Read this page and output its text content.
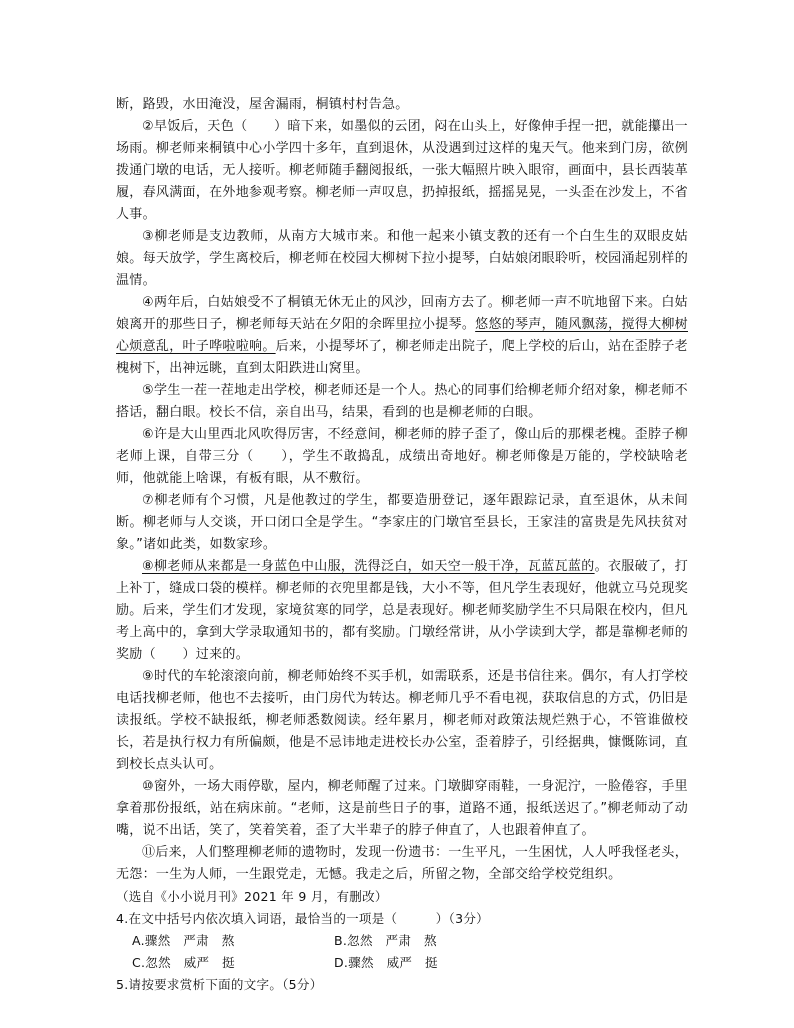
断，路毁，水田淹没，屋舍漏雨，桐镇村村告急。

②早饭后，天色（　　）暗下来，如墨似的云团，闷在山头上，好像伸手捏一把，就能攥出一场雨。柳老师来桐镇中心小学四十多年，直到退休，从没遇到过这样的鬼天气。他来到门房，欲例拨通门墩的电话，无人接听。柳老师随手翻阅报纸，一张大幅照片映入眼帘，画面中，县长西装革履，春风满面，在外地参观考察。柳老师一声叹息，扔掉报纸，摇摇晃晃，一头歪在沙发上，不省人事。

③柳老师是支边教师，从南方大城市来。和他一起来小镇支教的还有一个白生生的双眼皮姑娘。每天放学，学生离校后，柳老师在校园大柳树下拉小提琴，白姑娘闭眼聆听，校园涌起别样的温情。

④两年后，白姑娘受不了桐镇无休无止的风沙，回南方去了。柳老师一声不吭地留下来。白姑娘离开的那些日子，柳老师每天站在夕阳的余晖里拉小提琴。悠悠的琴声，随风飘荡，搅得大柳树心烦意乱，叶子哗啦啦响。后来，小提琴坏了，柳老师走出院子，爬上学校的后山，站在歪脖子老槐树下，出神远眺，直到太阳跌进山窝里。

⑤学生一茬一茬地走出学校，柳老师还是一个人。热心的同事们给柳老师介绍对象，柳老师不搭话，翻白眼。校长不信，亲自出马，结果，看到的也是柳老师的白眼。

⑥许是大山里西北风吹得厉害，不经意间，柳老师的脖子歪了，像山后的那棵老槐。歪脖子柳老师上课，自带三分（　　），学生不敢捣乱，成绩出奇地好。柳老师像是万能的，学校缺啥老师，他就能上啥课，有板有眼，从不敷衍。

⑦柳老师有个习惯，凡是他教过的学生，都要造册登记，逐年跟踪记录，直至退休，从未间断。柳老师与人交谈，开口闭口全是学生。“李家庄的门墩官至县长，王家洼的富贵是先风扶贫对象。”诸如此类，如数家珍。

⑧柳老师从来都是一身蓝色中山服，洗得泛白，如天空一般干净，瓦蓝瓦蓝的。衣服破了，打上补丁，缝成口袋的模样。柳老师的衣兜里都是钱，大小不等，但凡学生表现好，他就立马兑现奖励。后来，学生们才发现，家境贫寒的同学，总是表现好。柳老师奖励学生不只局限在校内，但凡考上高中的，拿到大学录取通知书的，都有奖励。门墩经常讲，从小学读到大学，都是靠柳老师的奖励（　　）过来的。

⑨时代的车轮滚滚向前，柳老师始终不买手机，如需联系，还是书信往来。偶尔，有人打学校电话找柳老师，他也不去接听，由门房代为转达。柳老师几乎不看电视，获取信息的方式，仍旧是读报纸。学校不缺报纸，柳老师悉数阅读。经年累月，柳老师对政策法规烂熟于心，不管谁做校长，若是执行权力有所偏颇，他是不忌讳地走进校长办公室，歪着脖子，引经据典，慷慨陈词，直到校长点头认可。

⑩窗外，一场大雨停歇，屋内，柳老师醒了过来。门墩脚穿雨鞋，一身泥泞，一脸倦容，手里拿着那份报纸，站在病床前。“老师，这是前些日子的事，道路不通，报纸送迟了。”柳老师动了动嘴，说不出话，笑了，笑着笑着，歪了大半辈子的脖子伸直了，人也跟着伸直了。

⑪后来，人们整理柳老师的遗物时，发现一份遗书：一生平凡，一生困忧，人人呼我怪老头，无怨：一生为人师，一生跟党走，无憾。我走之后，所留之物，全部交给学校党组织。

（选自《小小说月刊》2021 年 9 月，有删改）

4.在文中括号内依次填入词语，最恰当的一项是（　　　）（3分）

A.骤然　严肃　熬	B.忽然　严肃　熬
C.忽然　威严　挺	D.骤然　威严　挺

5.请按要求赏析下面的文字。（5分）
